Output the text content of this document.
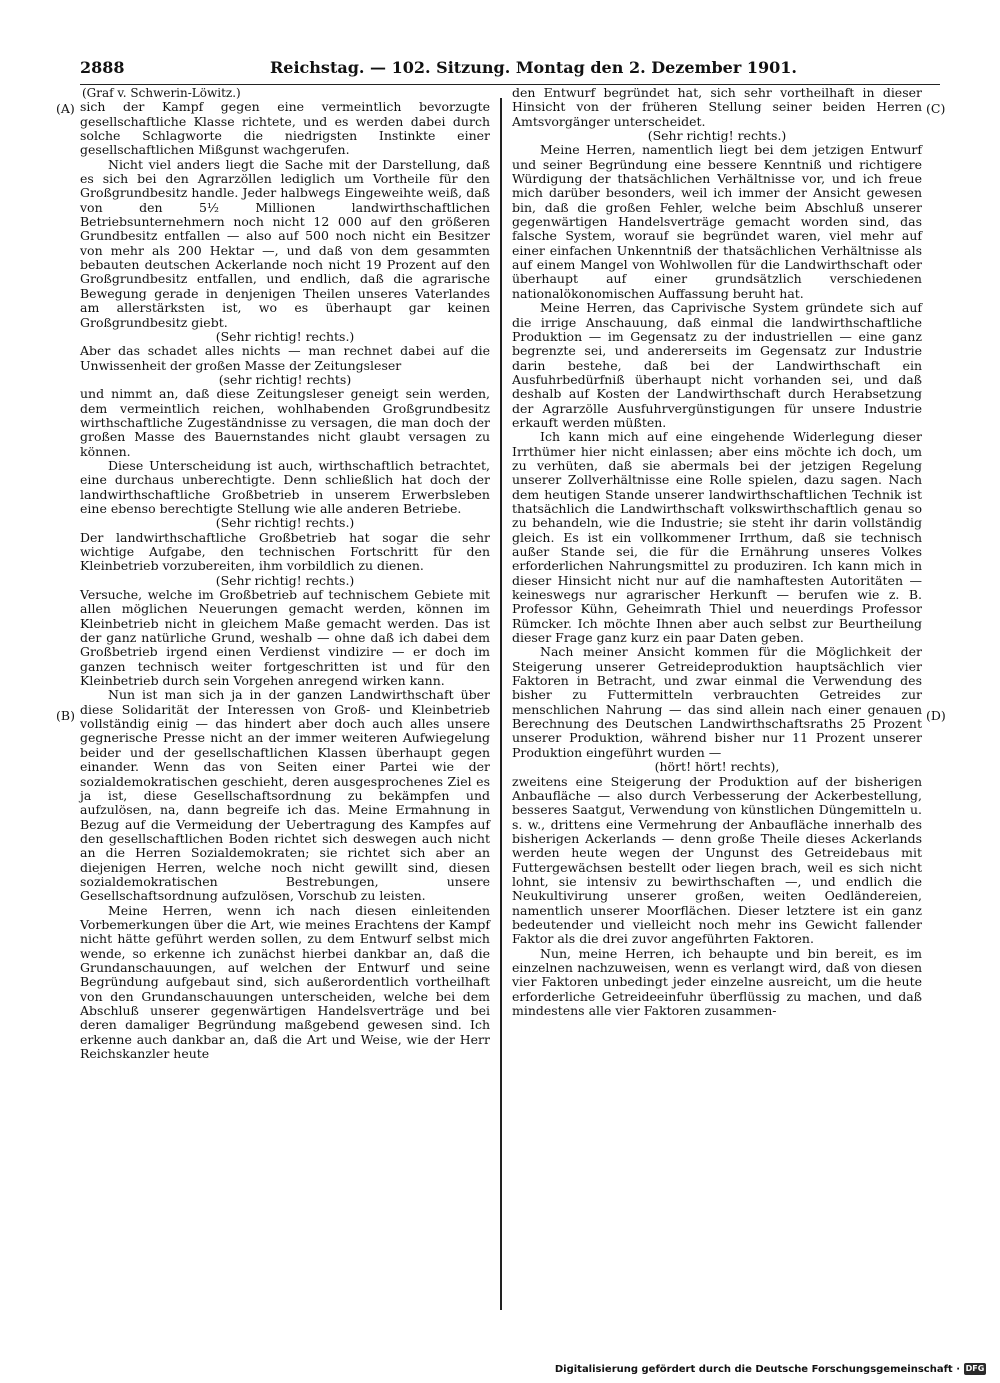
2888	Reichstag. — 102. Sitzung. Montag den 2. Dezember 1901.
(A)
(B)
(C)
(D)

(Graf v. Schwerin-Löwitz.)

sich der Kampf gegen eine vermeintlich bevorzugte gesellschaftliche Klasse richtete, und es werden dabei durch solche Schlagworte die niedrigsten Instinkte einer gesellschaftlichen Mißgunst wachgerufen.

Nicht viel anders liegt die Sache mit der Darstellung, daß es sich bei den Agrarzöllen lediglich um Vortheile für den Großgrundbesitz handle. Jeder halbwegs Eingeweihte weiß, daß von den 5½ Millionen landwirthschaftlichen Betriebsunternehmern noch nicht 12 000 auf den größeren Grundbesitz entfallen — also auf 500 noch nicht ein Besitzer von mehr als 200 Hektar —, und daß von dem gesammten bebauten deutschen Ackerlande noch nicht 19 Prozent auf den Großgrundbesitz entfallen, und endlich, daß die agrarische Bewegung gerade in denjenigen Theilen unseres Vaterlandes am allerstärksten ist, wo es überhaupt gar keinen Großgrundbesitz giebt.

(Sehr richtig! rechts.)

Aber das schadet alles nichts — man rechnet dabei auf die Unwissenheit der großen Masse der Zeitungsleser

(sehr richtig! rechts)

und nimmt an, daß diese Zeitungsleser geneigt sein werden, dem vermeintlich reichen, wohlhabenden Großgrundbesitz wirthschaftliche Zugeständnisse zu versagen, die man doch der großen Masse des Bauernstandes nicht glaubt versagen zu können.

Diese Unterscheidung ist auch, wirthschaftlich betrachtet, eine durchaus unberechtigte. Denn schließlich hat doch der landwirthschaftliche Großbetrieb in unserem Erwerbsleben eine ebenso berechtigte Stellung wie alle anderen Betriebe.

(Sehr richtig! rechts.)

Der landwirthschaftliche Großbetrieb hat sogar die sehr wichtige Aufgabe, den technischen Fortschritt für den Kleinbetrieb vorzubereiten, ihm vorbildlich zu dienen.

(Sehr richtig! rechts.)

Versuche, welche im Großbetrieb auf technischem Gebiete mit allen möglichen Neuerungen gemacht werden, können im Kleinbetrieb nicht in gleichem Maße gemacht werden. Das ist der ganz natürliche Grund, weshalb — ohne daß ich dabei dem Großbetrieb irgend einen Verdienst vindizire — er doch im ganzen technisch weiter fortgeschritten ist und für den Kleinbetrieb durch sein Vorgehen anregend wirken kann.

Nun ist man sich ja in der ganzen Landwirthschaft über diese Solidarität der Interessen von Groß- und Kleinbetrieb vollständig einig — das hindert aber doch auch alles unsere gegnerische Presse nicht an der immer weiteren Aufwiegelung beider und der gesellschaftlichen Klassen überhaupt gegen einander. Wenn das von Seiten einer Partei wie der sozialdemokratischen geschieht, deren ausgesprochenes Ziel es ja ist, diese Gesellschaftsordnung zu bekämpfen und aufzulösen, na, dann begreife ich das. Meine Ermahnung in Bezug auf die Vermeidung der Uebertragung des Kampfes auf den gesellschaftlichen Boden richtet sich deswegen auch nicht an die Herren Sozialdemokraten; sie richtet sich aber an diejenigen Herren, welche noch nicht gewillt sind, diesen sozialdemokratischen Bestrebungen, unsere Gesellschaftsordnung aufzulösen, Vorschub zu leisten.

Meine Herren, wenn ich nach diesen einleitenden Vorbemerkungen über die Art, wie meines Erachtens der Kampf nicht hätte geführt werden sollen, zu dem Entwurf selbst mich wende, so erkenne ich zunächst hierbei dankbar an, daß die Grundanschauungen, auf welchen der Entwurf und seine Begründung aufgebaut sind, sich außerordentlich vortheilhaft von den Grundanschauungen unterscheiden, welche bei dem Abschluß unserer gegenwärtigen Handelsverträge und bei deren damaliger Begründung maßgebend gewesen sind. Ich erkenne auch dankbar an, daß die Art und Weise, wie der Herr Reichskanzler heute

den Entwurf begründet hat, sich sehr vortheilhaft in dieser Hinsicht von der früheren Stellung seiner beiden Herren Amtsvorgänger unterscheidet.

(Sehr richtig! rechts.)

Meine Herren, namentlich liegt bei dem jetzigen Entwurf und seiner Begründung eine bessere Kenntniß und richtigere Würdigung der thatsächlichen Verhältnisse vor, und ich freue mich darüber besonders, weil ich immer der Ansicht gewesen bin, daß die großen Fehler, welche beim Abschluß unserer gegenwärtigen Handelsverträge gemacht worden sind, das falsche System, worauf sie begründet waren, viel mehr auf einer einfachen Unkenntniß der thatsächlichen Verhältnisse als auf einem Mangel von Wohlwollen für die Landwirthschaft oder überhaupt auf einer grundsätzlich verschiedenen nationalökonomischen Auffassung beruht hat.

Meine Herren, das Caprivische System gründete sich auf die irrige Anschauung, daß einmal die landwirthschaftliche Produktion — im Gegensatz zu der industriellen — eine ganz begrenzte sei, und andererseits im Gegensatz zur Industrie darin bestehe, daß bei der Landwirthschaft ein Ausfuhrbedürfniß überhaupt nicht vorhanden sei, und daß deshalb auf Kosten der Landwirthschaft durch Herabsetzung der Agrarzölle Ausfuhrvergünstigungen für unsere Industrie erkauft werden müßten.

Ich kann mich auf eine eingehende Widerlegung dieser Irrthümer hier nicht einlassen; aber eins möchte ich doch, um zu verhüten, daß sie abermals bei der jetzigen Regelung unserer Zollverhältnisse eine Rolle spielen, dazu sagen. Nach dem heutigen Stande unserer landwirthschaftlichen Technik ist thatsächlich die Landwirthschaft volkswirthschaftlich genau so zu behandeln, wie die Industrie; sie steht ihr darin vollständig gleich. Es ist ein vollkommener Irrthum, daß sie technisch außer Stande sei, die für die Ernährung unseres Volkes erforderlichen Nahrungsmittel zu produziren. Ich kann mich in dieser Hinsicht nicht nur auf die namhaftesten Autoritäten — keineswegs nur agrarischer Herkunft — berufen wie z. B. Professor Kühn, Geheimrath Thiel und neuerdings Professor Rümcker. Ich möchte Ihnen aber auch selbst zur Beurtheilung dieser Frage ganz kurz ein paar Daten geben.

Nach meiner Ansicht kommen für die Möglichkeit der Steigerung unserer Getreideproduktion hauptsächlich vier Faktoren in Betracht, und zwar einmal die Verwendung des bisher zu Futtermitteln verbrauchten Getreides zur menschlichen Nahrung — das sind allein nach einer genauen Berechnung des Deutschen Landwirthschaftsraths 25 Prozent unserer Produktion, während bisher nur 11 Prozent unserer Produktion eingeführt wurden —

(hört! hört! rechts),

zweitens eine Steigerung der Produktion auf der bisherigen Anbaufläche — also durch Verbesserung der Ackerbestellung, besseres Saatgut, Verwendung von künstlichen Düngemitteln u. s. w., drittens eine Vermehrung der Anbaufläche innerhalb des bisherigen Ackerlands — denn große Theile dieses Ackerlands werden heute wegen der Ungunst des Getreidebaus mit Futtergewächsen bestellt oder liegen brach, weil es sich nicht lohnt, sie intensiv zu bewirthschaften —, und endlich die Neukultivirung unserer großen, weiten Oedländereien, namentlich unserer Moorflächen. Dieser letztere ist ein ganz bedeutender und vielleicht noch mehr ins Gewicht fallender Faktor als die drei zuvor angeführten Faktoren.

Nun, meine Herren, ich behaupte und bin bereit, es im einzelnen nachzuweisen, wenn es verlangt wird, daß von diesen vier Faktoren unbedingt jeder einzelne ausreicht, um die heute erforderliche Getreideeinfuhr überflüssig zu machen, und daß mindestens alle vier Faktoren zusammen-

Digitalisierung gefördert durch die Deutsche Forschungsgemeinschaft · DFG
